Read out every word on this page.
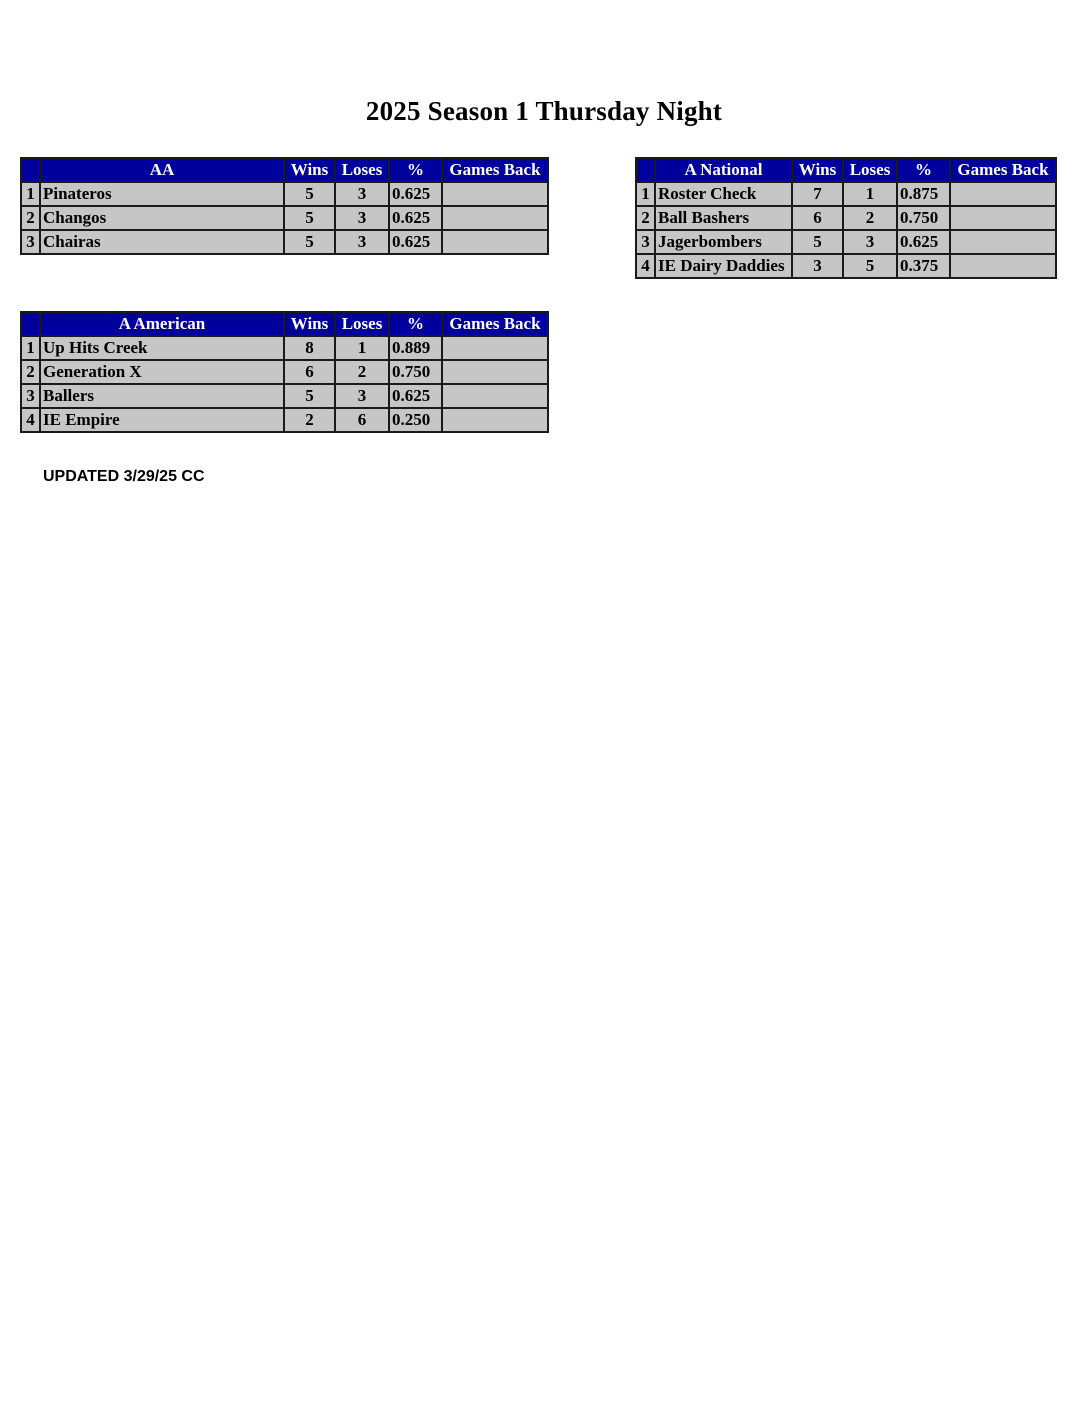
2025 Season 1 Thursday Night
	AA	Wins	Loses	%	Games Back
1	Pinateros	5	3	0.625	
2	Changos	5	3	0.625	
3	Chairas	5	3	0.625	
	A National	Wins	Loses	%	Games Back
1	Roster Check	7	1	0.875	
2	Ball Bashers	6	2	0.750	
3	Jagerbombers	5	3	0.625	
4	IE Dairy Daddies	3	5	0.375	
	A American	Wins	Loses	%	Games Back
1	Up Hits Creek	8	1	0.889	
2	Generation X	6	2	0.750	
3	Ballers	5	3	0.625	
4	IE Empire	2	6	0.250	
UPDATED 3/29/25 CC
